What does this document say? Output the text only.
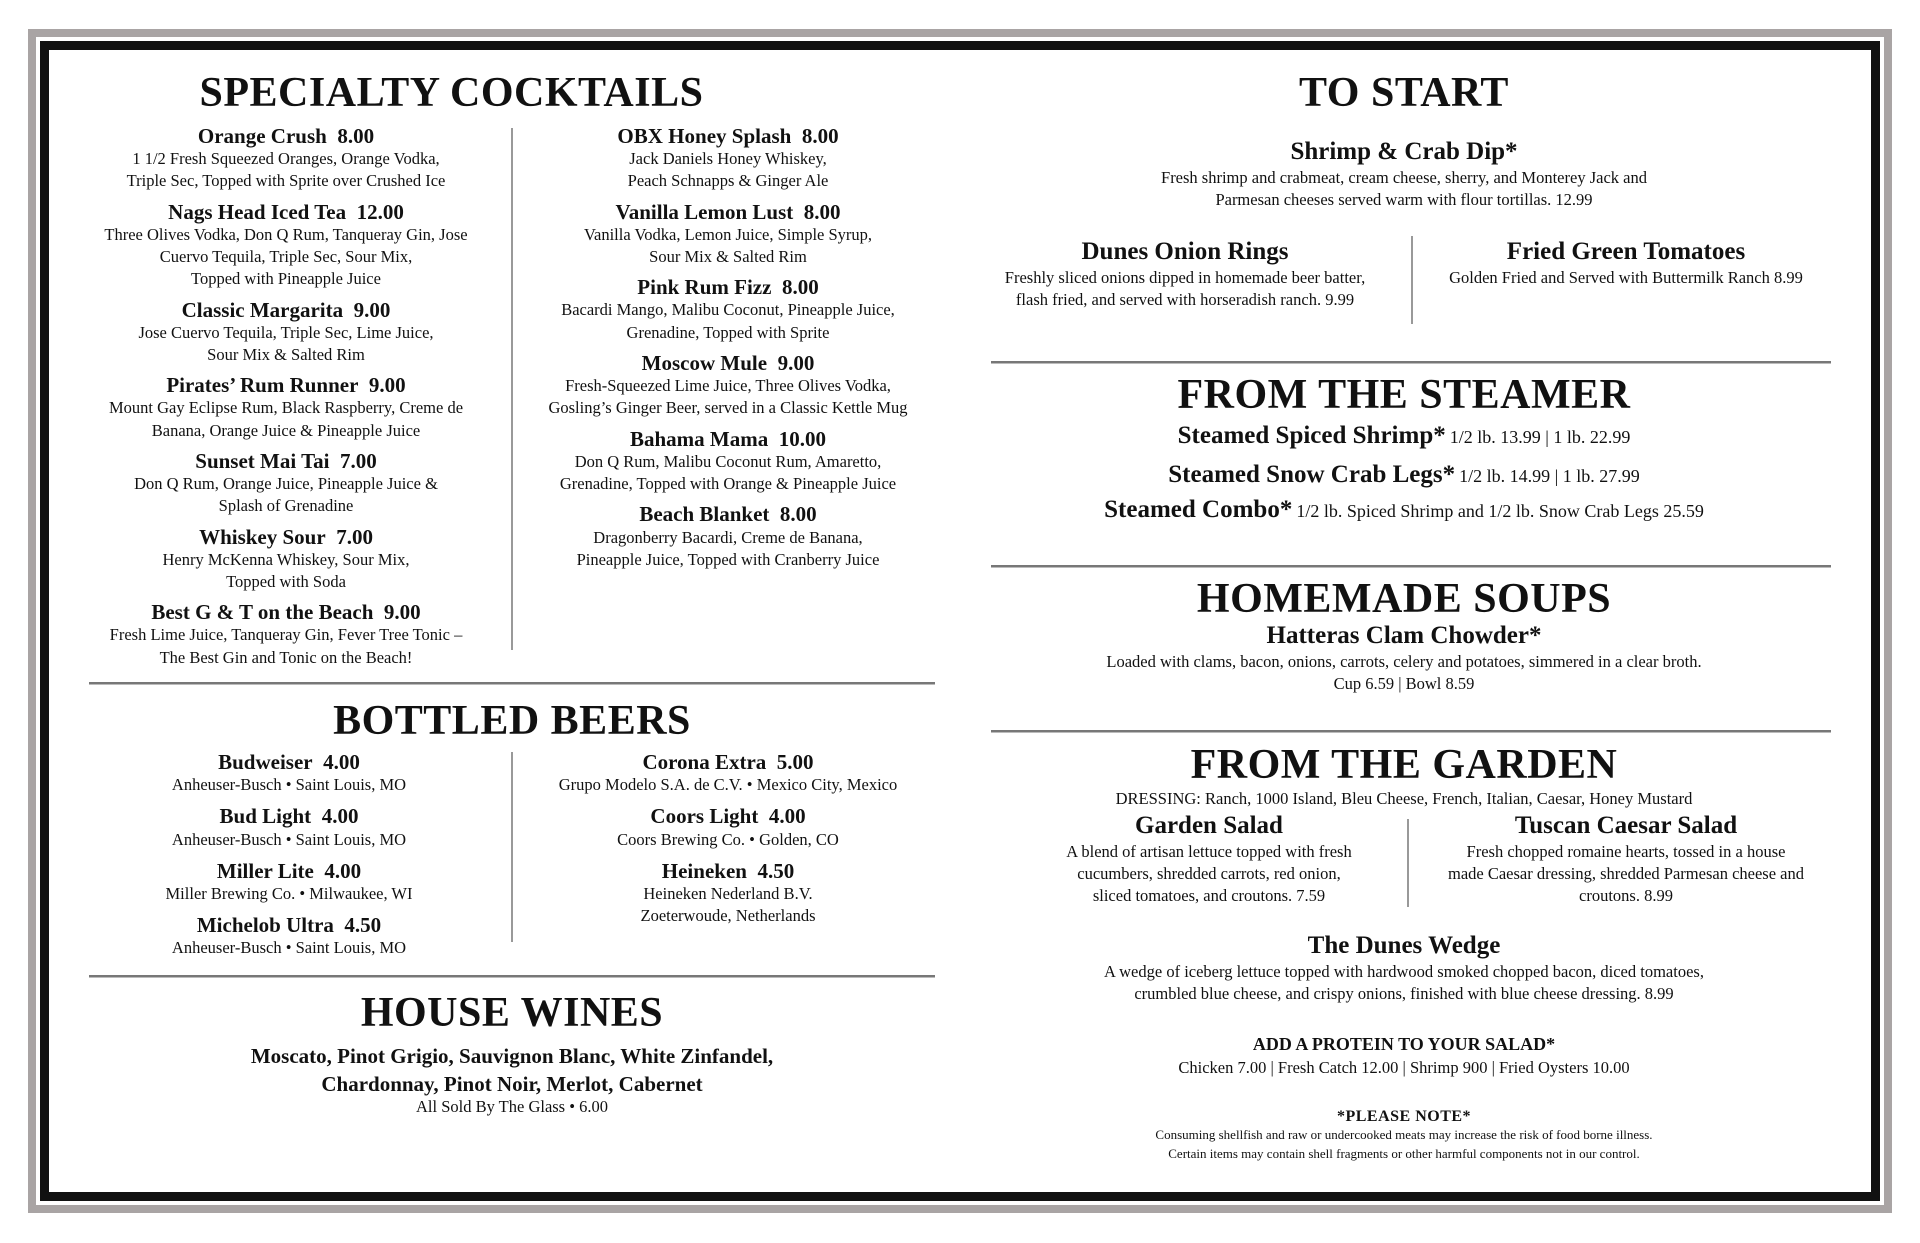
SPECIALTY COCKTAILS
Orange Crush 8.00
1 1/2 Fresh Squeezed Oranges, Orange Vodka,
Triple Sec, Topped with Sprite over Crushed Ice
Nags Head Iced Tea 12.00
Three Olives Vodka, Don Q Rum, Tanqueray Gin, Jose
Cuervo Tequila, Triple Sec, Sour Mix,
Topped with Pineapple Juice
Classic Margarita 9.00
Jose Cuervo Tequila, Triple Sec, Lime Juice,
Sour Mix & Salted Rim
Pirates’ Rum Runner 9.00
Mount Gay Eclipse Rum, Black Raspberry, Creme de
Banana, Orange Juice & Pineapple Juice
Sunset Mai Tai 7.00
Don Q Rum, Orange Juice, Pineapple Juice &
Splash of Grenadine
Whiskey Sour 7.00
Henry McKenna Whiskey, Sour Mix,
Topped with Soda
Best G & T on the Beach 9.00
Fresh Lime Juice, Tanqueray Gin, Fever Tree Tonic –
The Best Gin and Tonic on the Beach!
OBX Honey Splash 8.00
Jack Daniels Honey Whiskey,
Peach Schnapps & Ginger Ale
Vanilla Lemon Lust 8.00
Vanilla Vodka, Lemon Juice, Simple Syrup,
Sour Mix & Salted Rim
Pink Rum Fizz 8.00
Bacardi Mango, Malibu Coconut, Pineapple Juice,
Grenadine, Topped with Sprite
Moscow Mule 9.00
Fresh-Squeezed Lime Juice, Three Olives Vodka,
Gosling’s Ginger Beer, served in a Classic Kettle Mug
Bahama Mama 10.00
Don Q Rum, Malibu Coconut Rum, Amaretto,
Grenadine, Topped with Orange & Pineapple Juice
Beach Blanket 8.00
Dragonberry Bacardi, Creme de Banana,
Pineapple Juice, Topped with Cranberry Juice
BOTTLED BEERS
Budweiser 4.00
Anheuser-Busch • Saint Louis, MO
Bud Light 4.00
Anheuser-Busch • Saint Louis, MO
Miller Lite 4.00
Miller Brewing Co. • Milwaukee, WI
Michelob Ultra 4.50
Anheuser-Busch • Saint Louis, MO
Corona Extra 5.00
Grupo Modelo S.A. de C.V. • Mexico City, Mexico
Coors Light 4.00
Coors Brewing Co. • Golden, CO
Heineken 4.50
Heineken Nederland B.V.
Zoeterwoude, Netherlands
HOUSE WINES
Moscato, Pinot Grigio, Sauvignon Blanc, White Zinfandel,
Chardonnay, Pinot Noir, Merlot, Cabernet
All Sold By The Glass • 6.00
TO START
Shrimp & Crab Dip*
Fresh shrimp and crabmeat, cream cheese, sherry, and Monterey Jack and
Parmesan cheeses served warm with flour tortillas. 12.99
Dunes Onion Rings
Freshly sliced onions dipped in homemade beer batter,
flash fried, and served with horseradish ranch. 9.99
Fried Green Tomatoes
Golden Fried and Served with Buttermilk Ranch 8.99
FROM THE STEAMER
Steamed Spiced Shrimp* 1/2 lb. 13.99 | 1 lb. 22.99
Steamed Snow Crab Legs* 1/2 lb. 14.99 | 1 lb. 27.99
Steamed Combo* 1/2 lb. Spiced Shrimp and 1/2 lb. Snow Crab Legs 25.59
HOMEMADE SOUPS
Hatteras Clam Chowder*
Loaded with clams, bacon, onions, carrots, celery and potatoes, simmered in a clear broth.
Cup 6.59 | Bowl 8.59
FROM THE GARDEN
DRESSING: Ranch, 1000 Island, Bleu Cheese, French, Italian, Caesar, Honey Mustard
Garden Salad
A blend of artisan lettuce topped with fresh
cucumbers, shredded carrots, red onion,
sliced tomatoes, and croutons. 7.59
Tuscan Caesar Salad
Fresh chopped romaine hearts, tossed in a house
made Caesar dressing, shredded Parmesan cheese and
croutons. 8.99
The Dunes Wedge
A wedge of iceberg lettuce topped with hardwood smoked chopped bacon, diced tomatoes,
crumbled blue cheese, and crispy onions, finished with blue cheese dressing. 8.99
ADD A PROTEIN TO YOUR SALAD*
Chicken 7.00 | Fresh Catch 12.00 | Shrimp 900 | Fried Oysters 10.00
*PLEASE NOTE*
Consuming shellfish and raw or undercooked meats may increase the risk of food borne illness.
Certain items may contain shell fragments or other harmful components not in our control.
